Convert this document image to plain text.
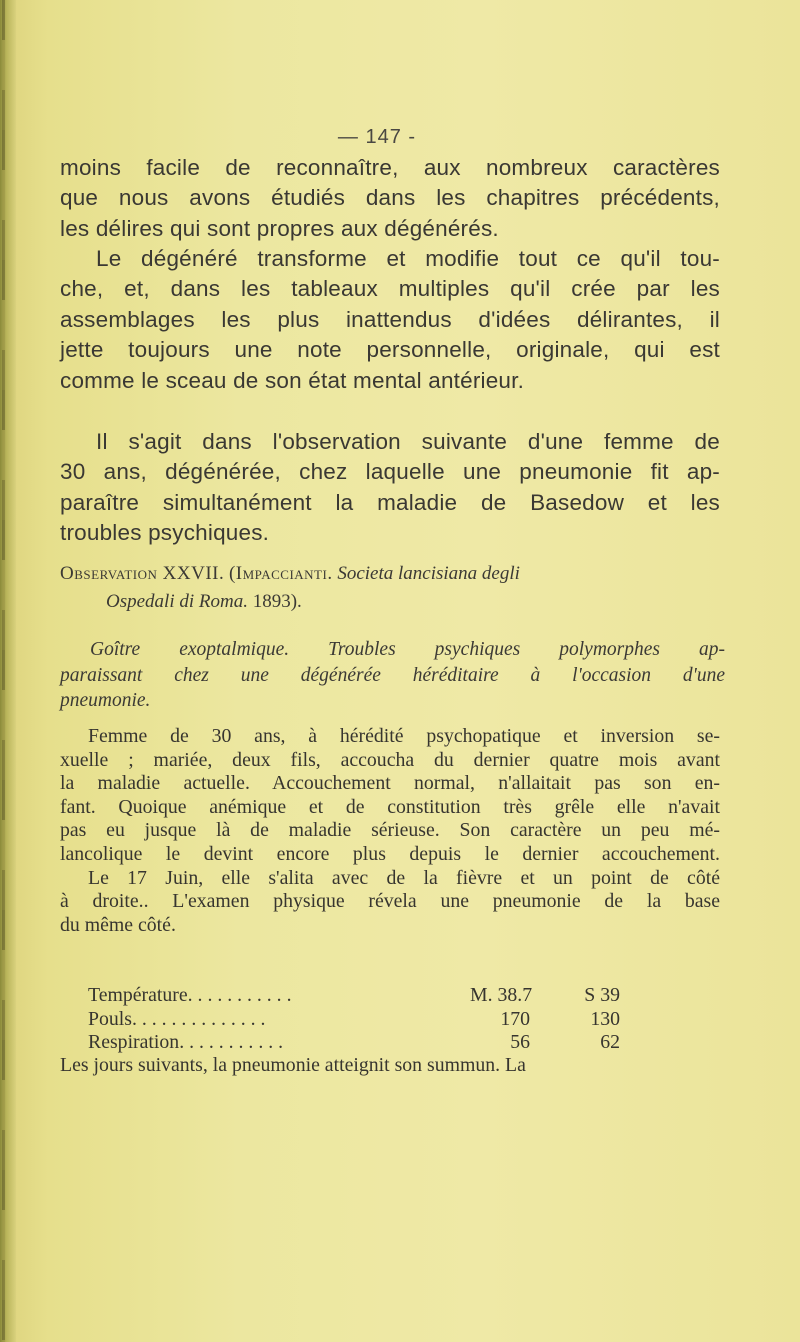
— 147 -
moins facile de reconnaître, aux nombreux caractères
que nous avons étudiés dans les chapitres précédents,
les délires qui sont propres aux dégénérés.
Le dégénéré transforme et modifie tout ce qu'il tou-
che, et, dans les tableaux multiples qu'il crée par les
assemblages les plus inattendus d'idées délirantes, il
jette toujours une note personnelle, originale, qui est
comme le sceau de son état mental antérieur.
Il s'agit dans l'observation suivante d'une femme de
30 ans, dégénérée, chez laquelle une pneumonie fit ap-
paraître simultanément la maladie de Basedow et les
troubles psychiques.
Observation XXVII. (Impaccianti. Societa lancisiana degli
Ospedali di Roma. 1893).
Goître exoptalmique. Troubles psychiques polymorphes ap-
paraissant chez une dégénérée héréditaire à l'occasion d'une
pneumonie.
Femme de 30 ans, à hérédité psychopatique et inversion se-
xuelle ; mariée, deux fils, accoucha du dernier quatre mois avant
la maladie actuelle. Accouchement normal, n'allaitait pas son en-
fant. Quoique anémique et de constitution très grêle elle n'avait
pas eu jusque là de maladie sérieuse. Son caractère un peu mé-
lancolique le devint encore plus depuis le dernier accouchement.
Le 17 Juin, elle s'alita avec de la fièvre et un point de côté
à droite.. L'examen physique révela une pneumonie de la base
du même côté.
Température. . . . . . . . . . .	M. 38.7	S 39
Pouls. . . . . . . . . . . . . .	170	130
Respiration. . . . . . . . . . .	56	62
Les jours suivants, la pneumonie atteignit son summun. La
